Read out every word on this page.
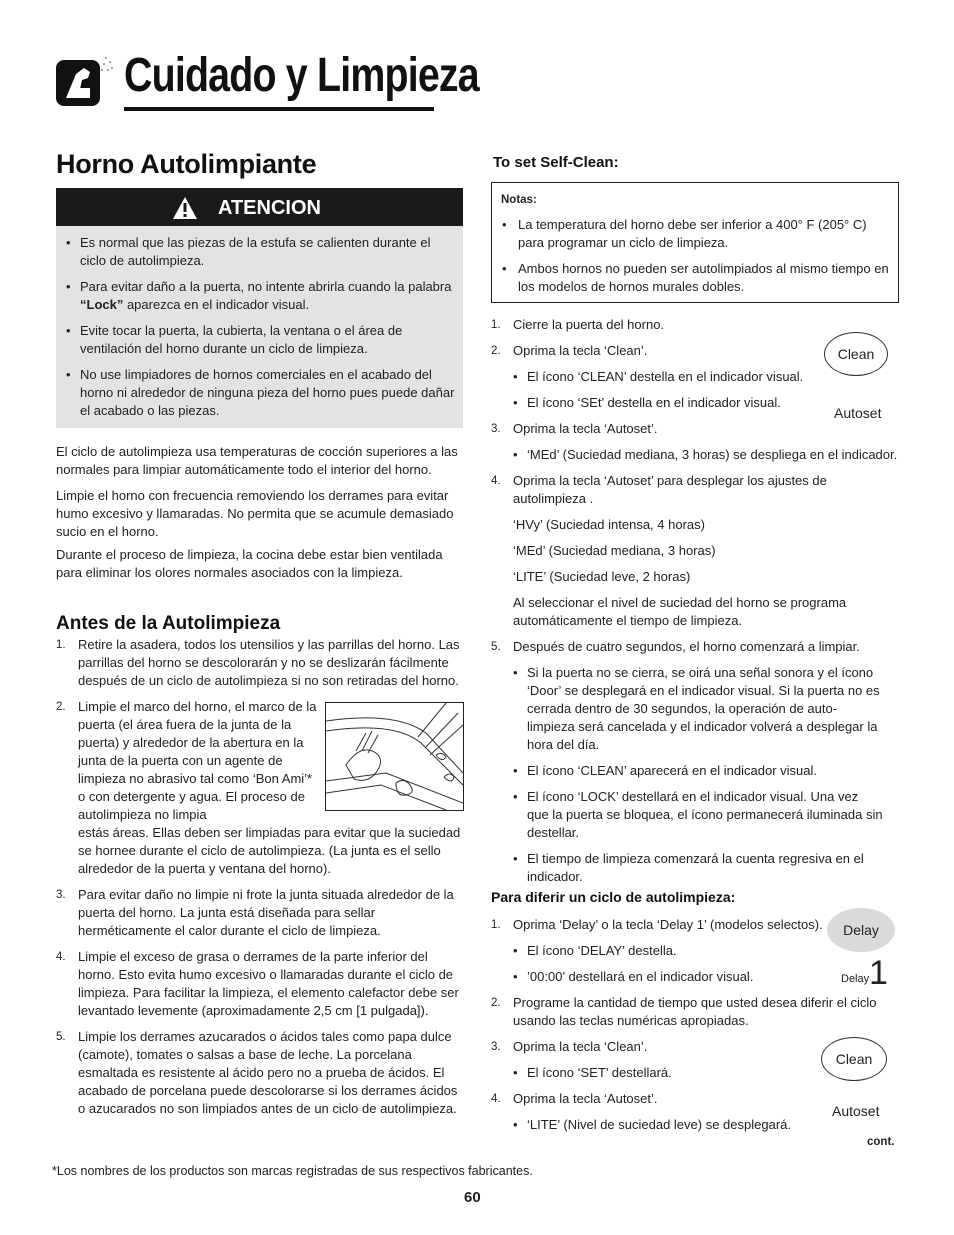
Cuidado y Limpieza
Horno Autolimpiante
ATENCION
• Es normal que las piezas de la estufa se calienten durante el ciclo de autolimpieza.
• Para evitar daño a la puerta, no intente abrirla cuando la palabra “Lock” aparezca en el indicador visual.
• Evite tocar la puerta, la cubierta, la ventana o el área de ventilación del horno durante un ciclo de limpieza.
• No use limpiadores de hornos comerciales en el acabado del horno ni alrededor de ninguna pieza del horno pues puede dañar el acabado o las piezas.

El ciclo de autolimpieza usa temperaturas de cocción superiores a las normales para limpiar automáticamente todo el interior del horno.

Limpie el horno con frecuencia removiendo los derrames para evitar humo excesivo y llamaradas. No permita que se acumule demasiado sucio en el horno.

Durante el proceso de limpieza, la cocina debe estar bien ventilada para eliminar los olores normales asociados con la limpieza.

Antes de la Autolimpieza
1. Retire la asadera, todos los utensilios y las parrillas del horno. Las parrillas del horno se descolorarán y no se deslizarán fácilmente después de un ciclo de autolimpieza si no son retiradas del horno.
2. Limpie el marco del horno, el marco de la puerta (el área fuera de la junta de la puerta) y alrededor de la abertura en la junta de la puerta con un agente de limpieza no abrasivo tal como ‘Bon Ami’* o con detergente y agua. El proceso de autolimpieza no limpia
estás áreas. Ellas deben ser limpiadas para evitar que la suciedad se hornee durante el ciclo de autolimpieza. (La junta es el sello alrededor de la puerta y ventana del horno).
3. Para evitar daño no limpie ni frote la junta situada alrededor de la puerta del horno. La junta está diseñada para sellar herméticamente el calor durante el ciclo de limpieza.
4. Limpie el exceso de grasa o derrames de la parte inferior del horno. Esto evita humo excesivo o llamaradas durante el ciclo de limpieza. Para facilitar la limpieza, el elemento calefactor debe ser levantado levemente (aproximadamente 2,5 cm [1 pulgada]).
5. Limpie los derrames azucarados o ácidos tales como papa dulce (camote), tomates o salsas a base de leche. La porcelana esmaltada es resistente al ácido pero no a prueba de ácidos. El acabado de porcelana puede descolorarse si los derrames ácidos o azucarados no son limpiados antes de un ciclo de autolimpieza.
To set Self-Clean:
Notas:
• La temperatura del horno debe ser inferior a 400° F (205° C) para programar un ciclo de limpieza.
• Ambos hornos no pueden ser autolimpiados al mismo tiempo en los modelos de hornos murales dobles.
1. Cierre la puerta del horno.
2. Oprima la tecla ‘Clean’.
• El ícono ‘CLEAN’ destella en el indicador visual.
• El ícono ‘SEt’ destella en el indicador visual.
3. Oprima la tecla ‘Autoset’.
• ‘MEd’ (Suciedad mediana, 3 horas) se despliega en el indicador.
4. Oprima la tecla ‘Autoset’ para desplegar los ajustes de autolimpieza .
‘HVy’ (Suciedad intensa, 4 horas)
‘MEd’ (Suciedad mediana, 3 horas)
‘LITE’ (Suciedad leve, 2 horas)
Al seleccionar el nivel de suciedad del horno se programa automáticamente el tiempo de limpieza.
5. Después de cuatro segundos, el horno comenzará a limpiar.
• Si la puerta no se cierra, se oirá una señal sonora y el ícono ‘Door’ se desplegará en el indicador visual. Si la puerta no es cerrada dentro de 30 segundos, la operación de auto-limpieza será cancelada y el indicador volverá a desplegar la hora del día.
• El ícono ‘CLEAN’ aparecerá en el indicador visual.
• El ícono ‘LOCK’ destellará en el indicador visual. Una vez que la puerta se bloquea, el ícono permanecerá iluminada sin destellar.
• El tiempo de limpieza comenzará la cuenta regresiva en el indicador.
Para diferir un ciclo de autolimpieza:
1. Oprima ‘Delay’ o la tecla ‘Delay 1’ (modelos selectos).
• El ícono ‘DELAY’ destella.
• ’00:00’ destellará en el indicador visual.
2. Programe la cantidad de tiempo que usted desea diferir el ciclo usando las teclas numéricas apropiadas.
3. Oprima la tecla ‘Clean’.
• El ícono ‘SET’ destellará.
4. Oprima la tecla ‘Autoset’.
• ‘LITE’ (Nivel de suciedad leve) se desplegará.
Clean
Autoset
Delay
Delay 1
Clean
Autoset
cont.
*Los nombres de los productos son marcas registradas de sus respectivos fabricantes.
60
